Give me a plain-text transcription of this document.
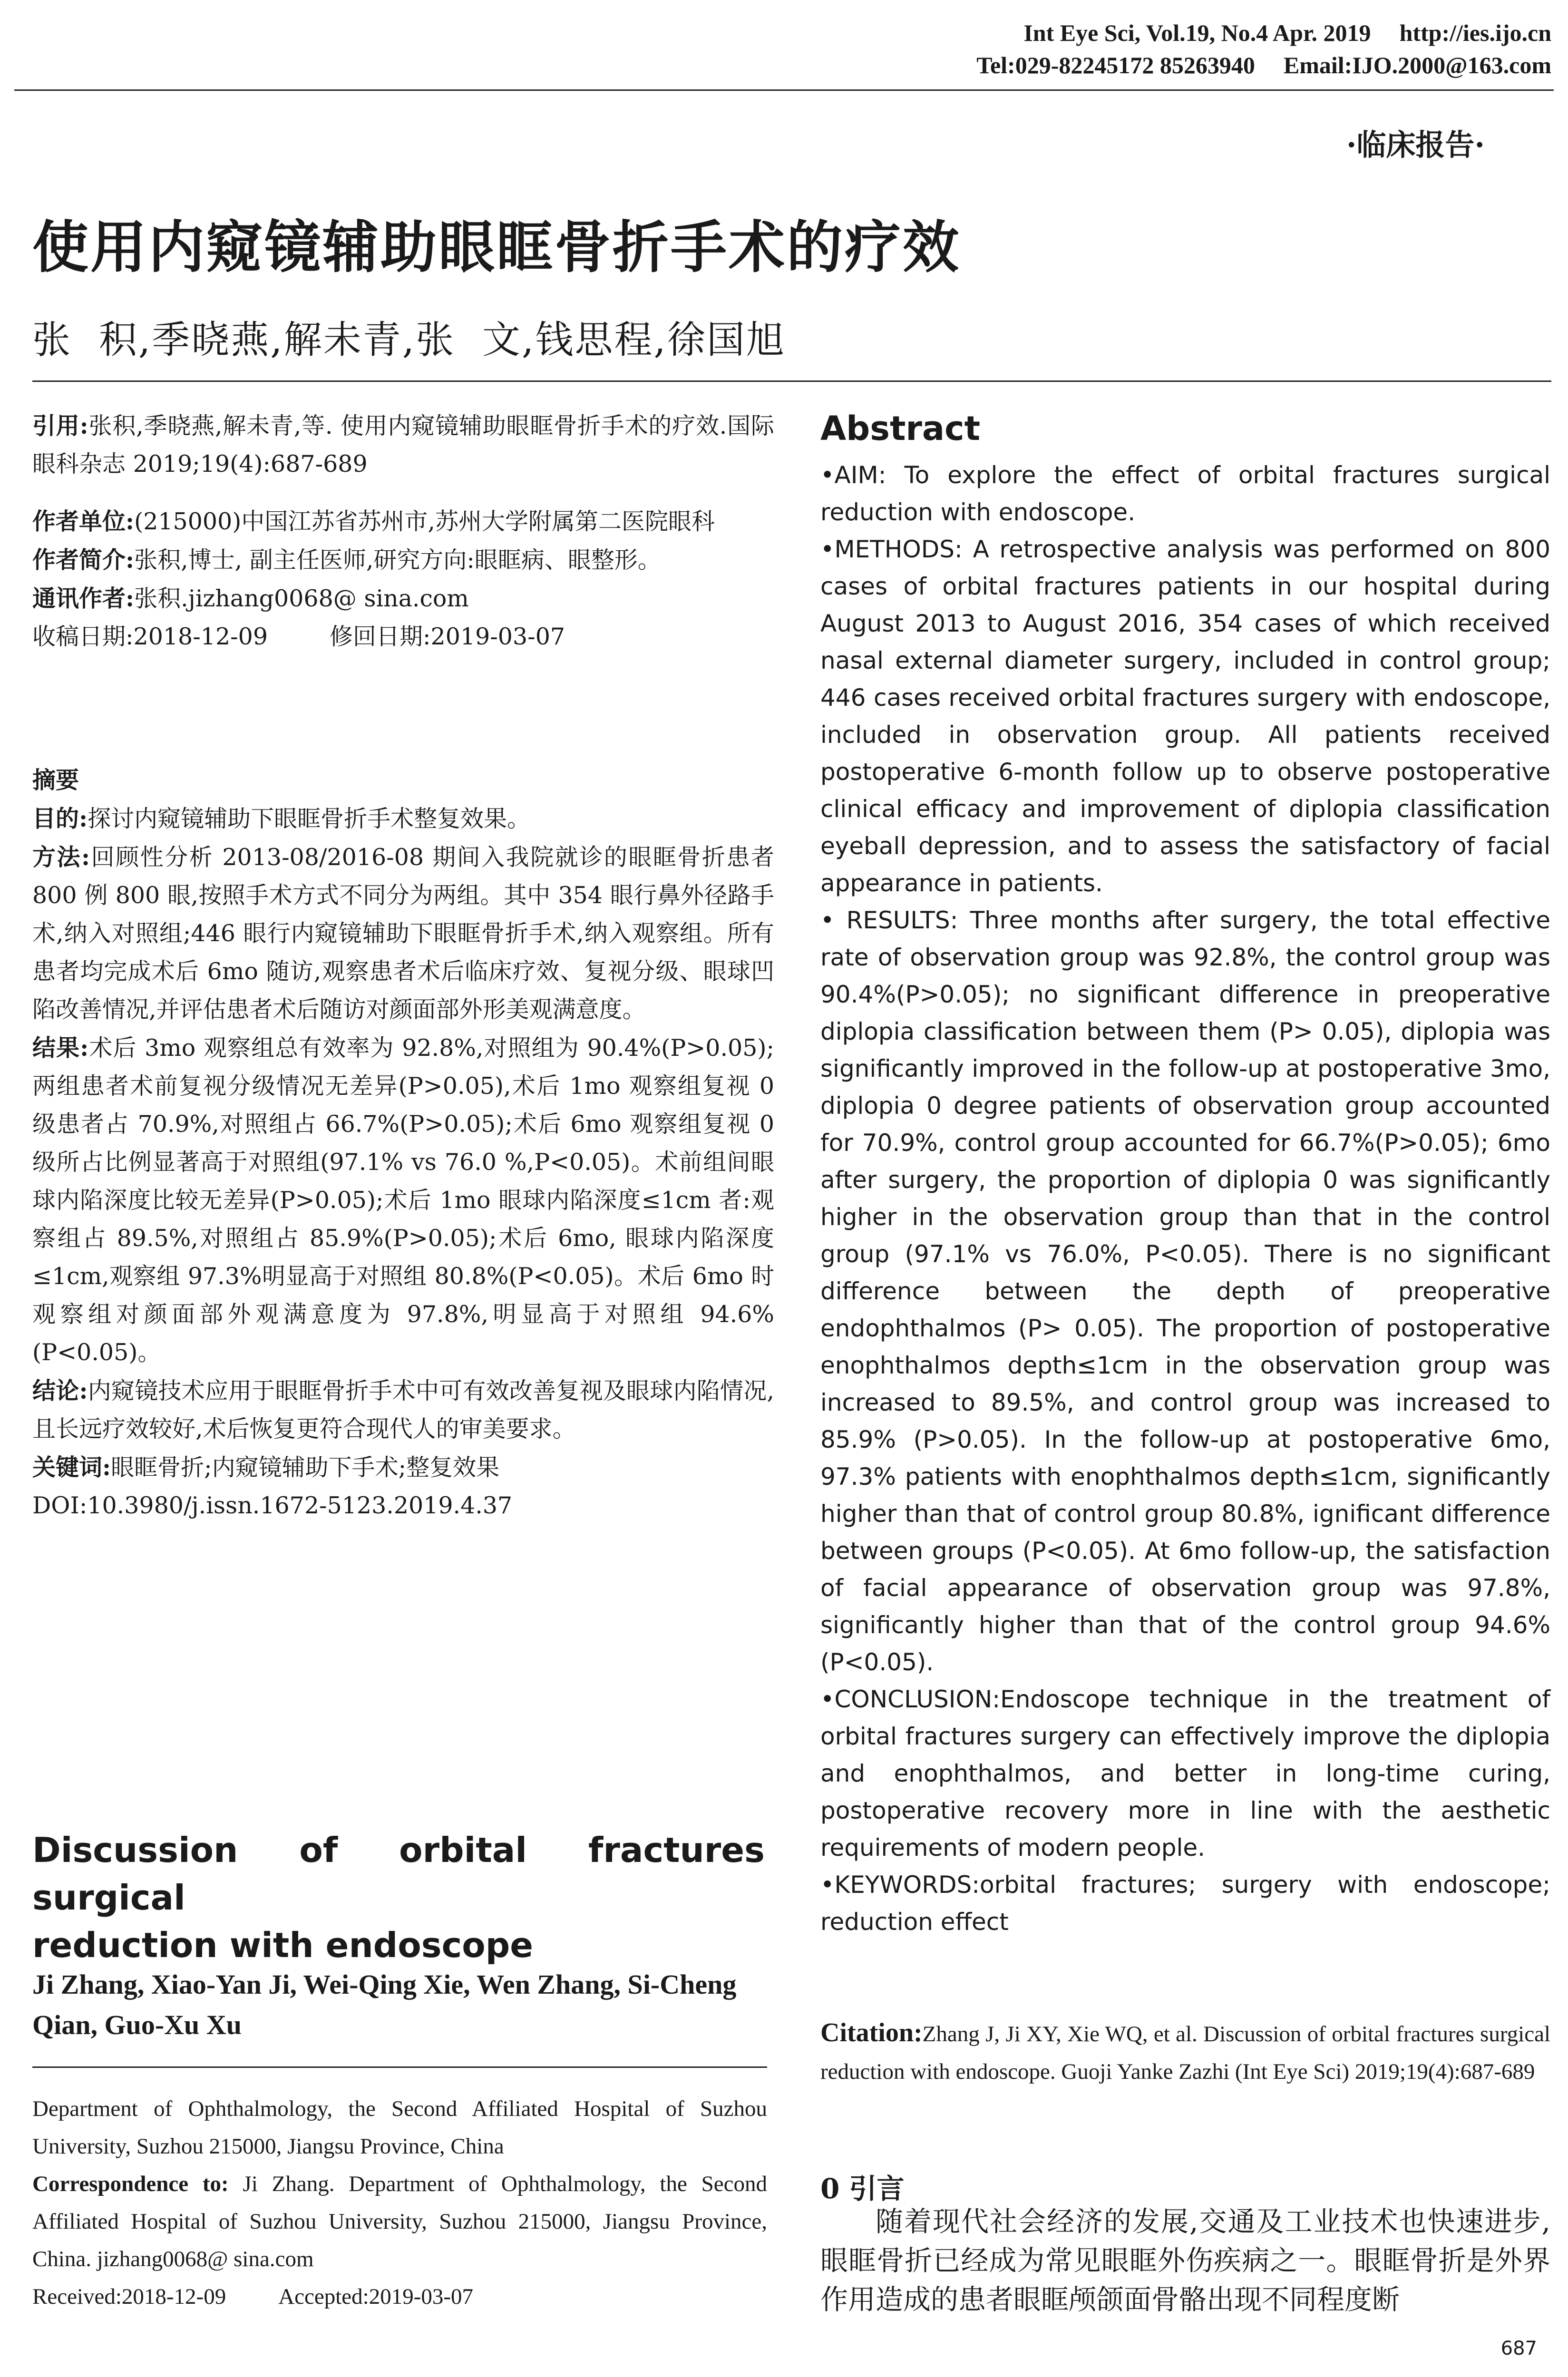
Int Eye Sci, Vol.19, No.4 Apr. 2019 http://ies.ijo.cn
Tel:029-82245172 85263940 Email:IJO.2000@163.com
·临床报告·
使用内窥镜辅助眼眶骨折手术的疗效
张  积,季晓燕,解未青,张  文,钱思程,徐国旭

引用:张积,季晓燕,解未青,等. 使用内窥镜辅助眼眶骨折手术的疗效.国际眼科杂志 2019;19(4):687-689

作者单位:(215000)中国江苏省苏州市,苏州大学附属第二医院眼科

作者简介:张积,博士, 副主任医师,研究方向:眼眶病、眼整形。

通讯作者:张积.jizhang0068@ sina.com

收稿日期:2018-12-09	修回日期:2019-03-07

摘要

目的:探讨内窥镜辅助下眼眶骨折手术整复效果。

方法:回顾性分析 2013-08/2016-08 期间入我院就诊的眼眶骨折患者 800 例 800 眼,按照手术方式不同分为两组。其中 354 眼行鼻外径路手术,纳入对照组;446 眼行内窥镜辅助下眼眶骨折手术,纳入观察组。所有患者均完成术后 6mo 随访,观察患者术后临床疗效、复视分级、眼球凹陷改善情况,并评估患者术后随访对颜面部外形美观满意度。

结果:术后 3mo 观察组总有效率为 92.8%,对照组为 90.4%(P>0.05);两组患者术前复视分级情况无差异(P>0.05),术后 1mo 观察组复视 0 级患者占 70.9%,对照组占 66.7%(P>0.05);术后 6mo 观察组复视 0 级所占比例显著高于对照组(97.1% vs 76.0 %,P<0.05)。术前组间眼球内陷深度比较无差异(P>0.05);术后 1mo 眼球内陷深度≤1cm 者:观察组占 89.5%,对照组占 85.9%(P>0.05);术后 6mo, 眼球内陷深度≤1cm,观察组 97.3%明显高于对照组 80.8%(P<0.05)。术后 6mo 时观察组对颜面部外观满意度为 97.8%,明显高于对照组 94.6%(P<0.05)。

结论:内窥镜技术应用于眼眶骨折手术中可有效改善复视及眼球内陷情况,且长远疗效较好,术后恢复更符合现代人的审美要求。

关键词:眼眶骨折;内窥镜辅助下手术;整复效果

DOI:10.3980/j.issn.1672-5123.2019.4.37

Discussion of orbital fractures surgical
reduction with endoscope
Ji Zhang, Xiao-Yan Ji, Wei-Qing Xie, Wen Zhang, Si-Cheng Qian, Guo-Xu Xu
Department of Ophthalmology, the Second Affiliated Hospital of Suzhou University, Suzhou 215000, Jiangsu Province, China
Correspondence to: Ji Zhang. Department of Ophthalmology, the Second Affiliated Hospital of Suzhou University, Suzhou 215000, Jiangsu Province, China. jizhang0068@ sina.com
Received:2018-12-09 Accepted:2019-03-07
Abstract

•AIM: To explore the effect of orbital fractures surgical reduction with endoscope.

•METHODS: A retrospective analysis was performed on 800 cases of orbital fractures patients in our hospital during August 2013 to August 2016, 354 cases of which received nasal external diameter surgery, included in control group; 446 cases received orbital fractures surgery with endoscope, included in observation group. All patients received postoperative 6-month follow up to observe postoperative clinical efficacy and improvement of diplopia classification eyeball depression, and to assess the satisfactory of facial appearance in patients.

• RESULTS: Three months after surgery, the total effective rate of observation group was 92.8%, the control group was 90.4%(P>0.05); no significant difference in preoperative diplopia classification between them (P> 0.05), diplopia was significantly improved in the follow-up at postoperative 3mo, diplopia 0 degree patients of observation group accounted for 70.9%, control group accounted for 66.7%(P>0.05); 6mo after surgery, the proportion of diplopia 0 was significantly higher in the observation group than that in the control group (97.1% vs 76.0%, P<0.05). There is no significant difference between the depth of preoperative endophthalmos (P> 0.05). The proportion of postoperative enophthalmos depth≤1cm in the observation group was increased to 89.5%, and control group was increased to 85.9% (P>0.05). In the follow-up at postoperative 6mo, 97.3% patients with enophthalmos depth≤1cm, significantly higher than that of control group 80.8%, ignificant difference between groups (P<0.05). At 6mo follow-up, the satisfaction of facial appearance of observation group was 97.8%, significantly higher than that of the control group 94.6% (P<0.05).

•CONCLUSION:Endoscope technique in the treatment of orbital fractures surgery can effectively improve the diplopia and enophthalmos, and better in long-time curing, postoperative recovery more in line with the aesthetic requirements of modern people.

•KEYWORDS:orbital fractures; surgery with endoscope; reduction effect

Citation:Zhang J, Ji XY, Xie WQ, et al. Discussion of orbital fractures surgical reduction with endoscope. Guoji Yanke Zazhi (Int Eye Sci) 2019;19(4):687-689
0 引言

随着现代社会经济的发展,交通及工业技术也快速进步,眼眶骨折已经成为常见眼眶外伤疾病之一。眼眶骨折是外界作用造成的患者眼眶颅颌面骨骼出现不同程度断

687
